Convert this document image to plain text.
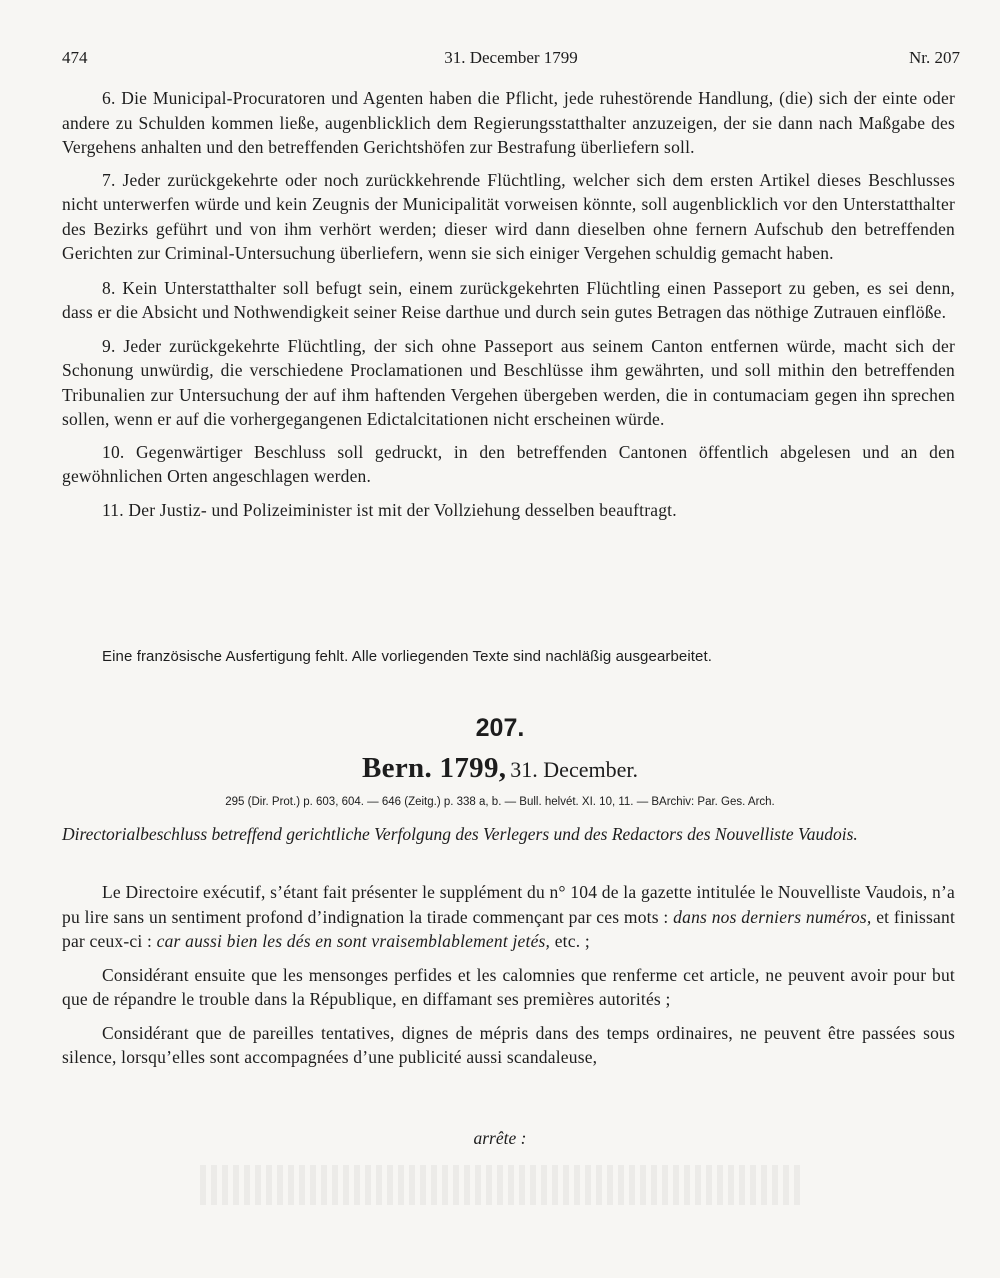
474	31. December 1799	Nr. 207

6. Die Municipal-Procuratoren und Agenten haben die Pflicht, jede ruhestörende Handlung, (die) sich der einte oder andere zu Schulden kommen ließe, augenblicklich dem Regierungsstatthalter anzuzeigen, der sie dann nach Maßgabe des Vergehens anhalten und den betreffenden Gerichtshöfen zur Bestrafung überliefern soll.

7. Jeder zurückgekehrte oder noch zurückkehrende Flüchtling, welcher sich dem ersten Artikel dieses Beschlusses nicht unterwerfen würde und kein Zeugnis der Municipalität vorweisen könnte, soll augenblicklich vor den Unterstatthalter des Bezirks geführt und von ihm verhört werden; dieser wird dann dieselben ohne fernern Aufschub den betreffenden Gerichten zur Criminal-Untersuchung überliefern, wenn sie sich einiger Vergehen schuldig gemacht haben.

8. Kein Unterstatthalter soll befugt sein, einem zurückgekehrten Flüchtling einen Passeport zu geben, es sei denn, dass er die Absicht und Nothwendigkeit seiner Reise darthue und durch sein gutes Betragen das nöthige Zutrauen einflöße.

9. Jeder zurückgekehrte Flüchtling, der sich ohne Passeport aus seinem Canton entfernen würde, macht sich der Schonung unwürdig, die verschiedene Proclamationen und Beschlüsse ihm gewährten, und soll mithin den betreffenden Tribunalien zur Untersuchung der auf ihm haftenden Vergehen übergeben werden, die in contumaciam gegen ihn sprechen sollen, wenn er auf die vorhergegangenen Edictalcitationen nicht erscheinen würde.

10. Gegenwärtiger Beschluss soll gedruckt, in den betreffenden Cantonen öffentlich abgelesen und an den gewöhnlichen Orten angeschlagen werden.

11. Der Justiz- und Polizeiminister ist mit der Vollziehung desselben beauftragt.

Eine französische Ausfertigung fehlt. Alle vorliegenden Texte sind nachläßig ausgearbeitet.
207.
Bern. 1799, 31. December.
295 (Dir. Prot.) p. 603, 604. — 646 (Zeitg.) p. 338 a, b. — Bull. helvét. XI. 10, 11. — BArchiv: Par. Ges. Arch.
Directorialbeschluss betreffend gerichtliche Verfolgung des Verlegers und des Redactors des Nouvelliste Vaudois.

Le Directoire exécutif, s’étant fait présenter le supplément du n° 104 de la gazette intitulée le Nouvelliste Vaudois, n’a pu lire sans un sentiment profond d’indignation la tirade commençant par ces mots : dans nos derniers numéros, et finissant par ceux-ci : car aussi bien les dés en sont vraisemblablement jetés, etc. ;

Considérant ensuite que les mensonges perfides et les calomnies que renferme cet article, ne peuvent avoir pour but que de répandre le trouble dans la République, en diffamant ses premières autorités ;

Considérant que de pareilles tentatives, dignes de mépris dans des temps ordinaires, ne peuvent être passées sous silence, lorsqu’elles sont accompagnées d’une publicité aussi scandaleuse,

arrête :
